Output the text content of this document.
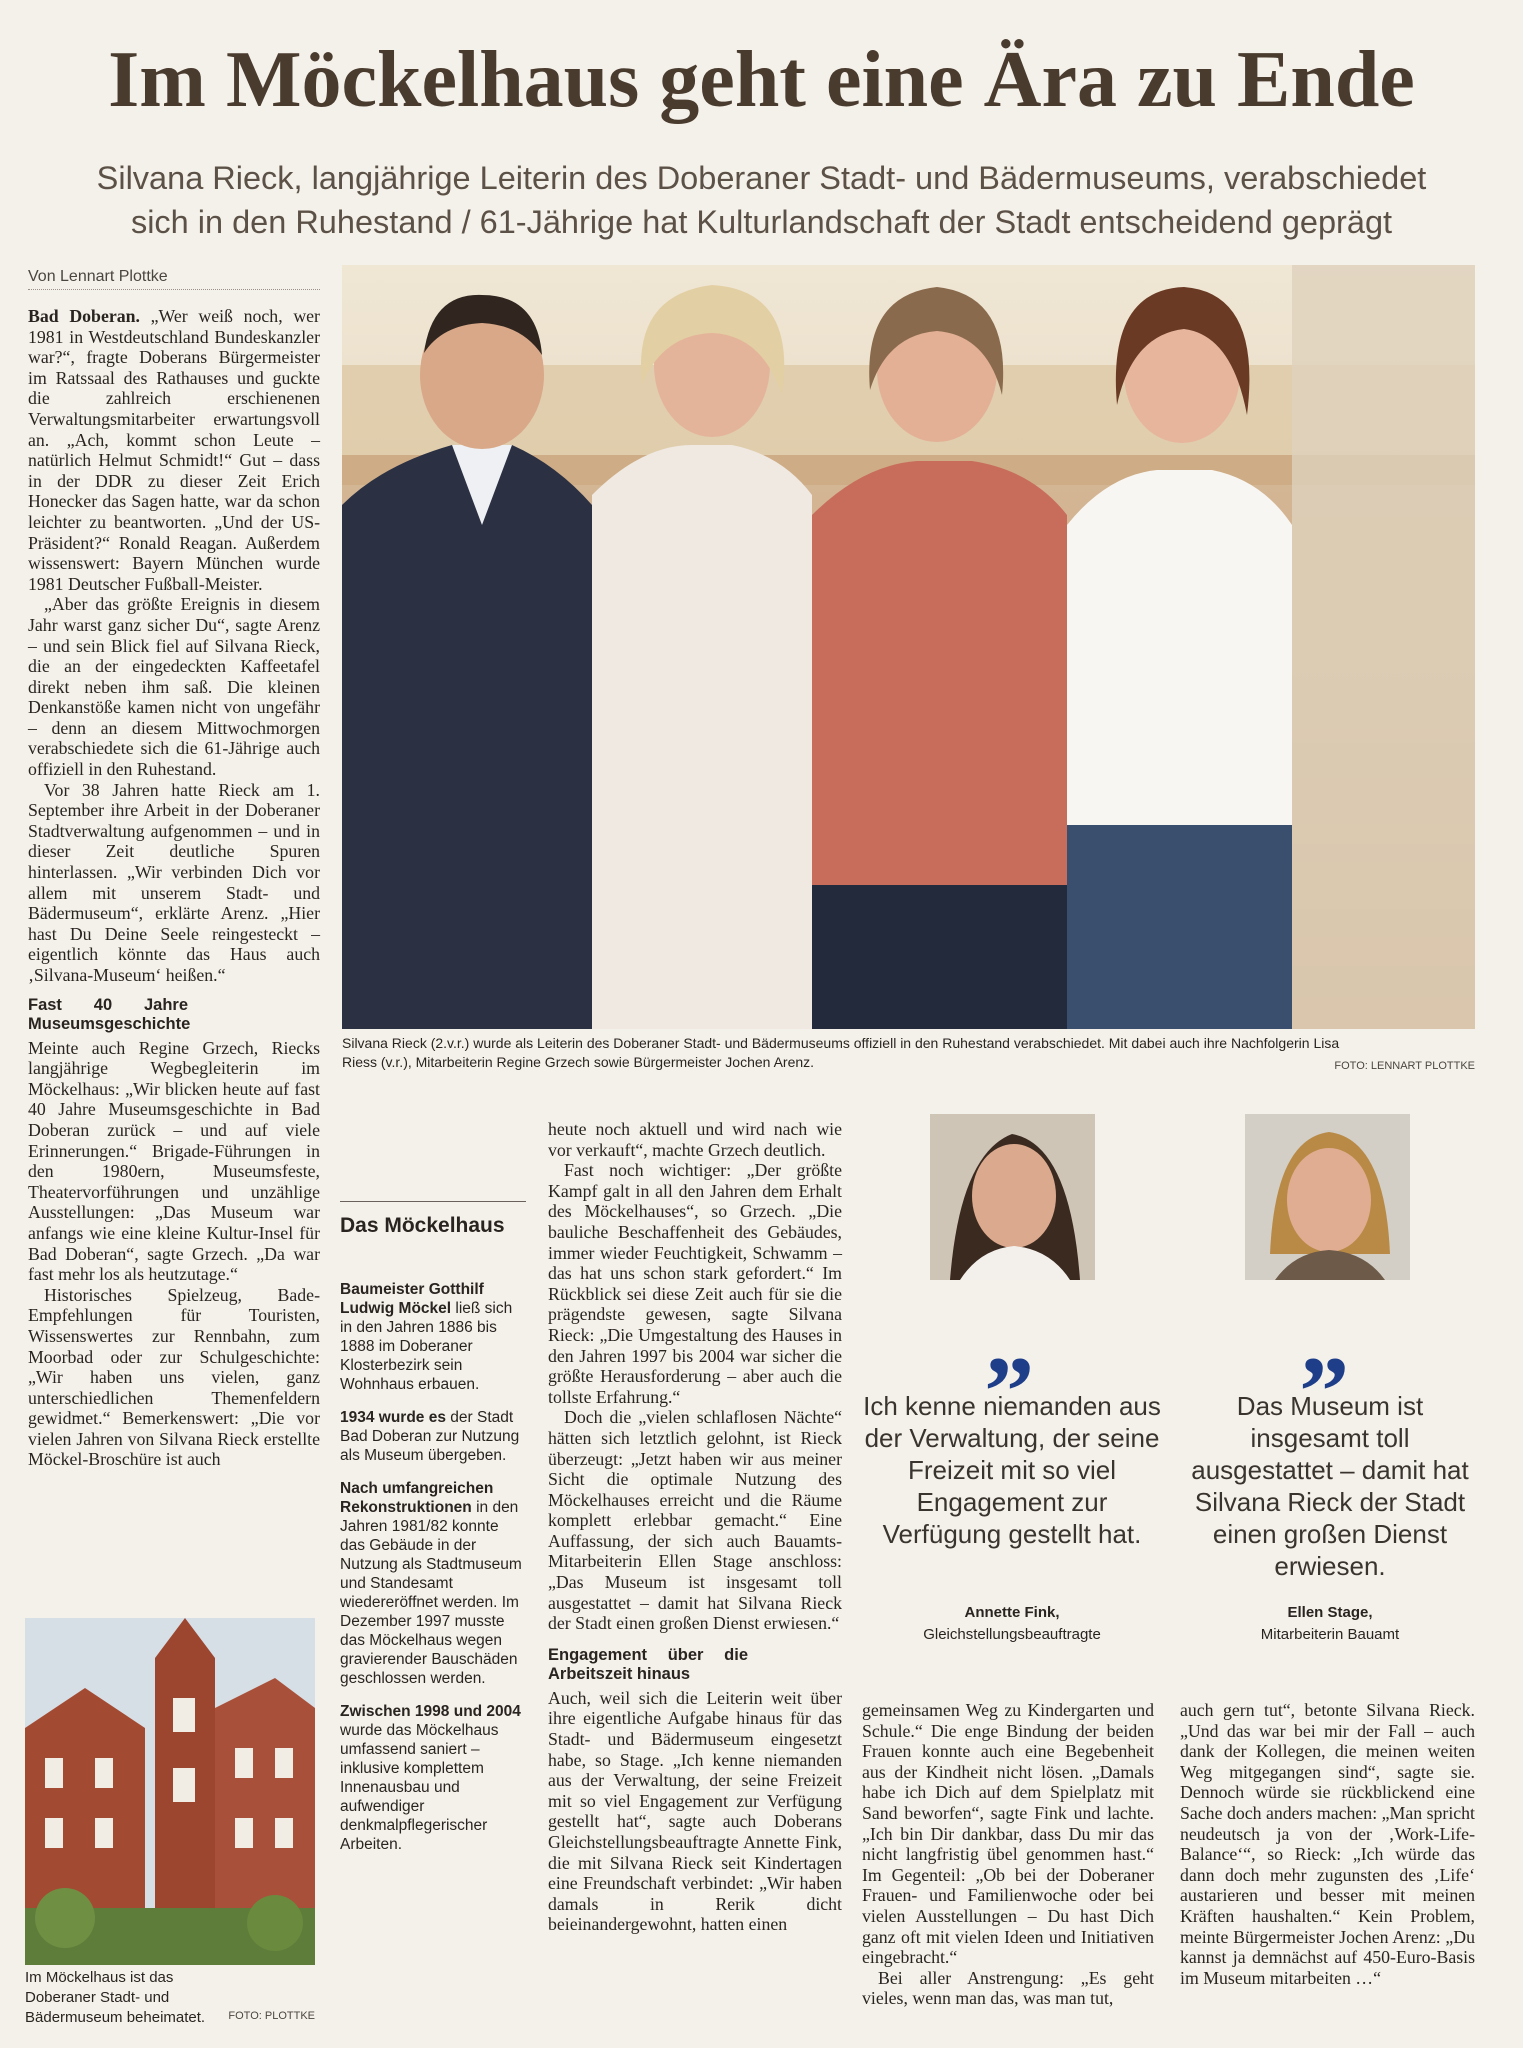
Im Möckelhaus geht eine Ära zu Ende
Silvana Rieck, langjährige Leiterin des Doberaner Stadt- und Bädermuseums, verabschiedet
sich in den Ruhestand / 61-Jährige hat Kulturlandschaft der Stadt entscheidend geprägt
Von Lennart Plottke

Bad Doberan. „Wer weiß noch, wer 1981 in Westdeutschland Bundeskanzler war?“, fragte Doberans Bürgermeister im Ratssaal des Rathauses und guckte die zahlreich erschienenen Verwaltungsmitarbeiter erwartungsvoll an. „Ach, kommt schon Leute – natürlich Helmut Schmidt!“ Gut – dass in der DDR zu dieser Zeit Erich Honecker das Sagen hatte, war da schon leichter zu beantworten. „Und der US-Präsident?“ Ronald Reagan. Außerdem wissenswert: Bayern München wurde 1981 Deutscher Fußball-Meister.

„Aber das größte Ereignis in diesem Jahr warst ganz sicher Du“, sagte Arenz – und sein Blick fiel auf Silvana Rieck, die an der eingedeckten Kaffeetafel direkt neben ihm saß. Die kleinen Denkanstöße kamen nicht von ungefähr – denn an diesem Mittwochmorgen verabschiedete sich die 61-Jährige auch offiziell in den Ruhestand.

Vor 38 Jahren hatte Rieck am 1. September ihre Arbeit in der Doberaner Stadtverwaltung aufgenommen – und in dieser Zeit deutliche Spuren hinterlassen. „Wir verbinden Dich vor allem mit unserem Stadt- und Bädermuseum“, erklärte Arenz. „Hier hast Du Deine Seele reingesteckt – eigentlich könnte das Haus auch ‚Silvana-Museum‘ heißen.“

Fast 40 Jahre Museumsgeschichte

Meinte auch Regine Grzech, Riecks langjährige Wegbegleiterin im Möckelhaus: „Wir blicken heute auf fast 40 Jahre Museumsgeschichte in Bad Doberan zurück – und auf viele Erinnerungen.“ Brigade-Führungen in den 1980ern, Museumsfeste, Theatervorführungen und unzählige Ausstellungen: „Das Museum war anfangs wie eine kleine Kultur-Insel für Bad Doberan“, sagte Grzech. „Da war fast mehr los als heutzutage.“

Historisches Spielzeug, Bade-Empfehlungen für Touristen, Wissenswertes zur Rennbahn, zum Moorbad oder zur Schulgeschichte: „Wir haben uns vielen, ganz unterschiedlichen Themenfeldern gewidmet.“ Bemerkenswert: „Die vor vielen Jahren von Silvana Rieck erstellte Möckel-Broschüre ist auch

Silvana Rieck (2.v.r.) wurde als Leiterin des Doberaner Stadt- und Bädermuseums offiziell in den Ruhestand verabschiedet. Mit dabei auch ihre Nachfolgerin Lisa Riess (v.r.), Mitarbeiterin Regine Grzech sowie Bürgermeister Jochen Arenz.	FOTO: LENNART PLOTTKE
Das Möckelhaus

Baumeister Gotthilf Ludwig Möckel ließ sich in den Jahren 1886 bis 1888 im Doberaner Klosterbezirk sein Wohnhaus erbauen.

1934 wurde es der Stadt Bad Doberan zur Nutzung als Museum übergeben.

Nach umfangreichen Rekonstruktionen in den Jahren 1981/82 konnte das Gebäude in der Nutzung als Stadtmuseum und Standesamt wiedereröffnet werden. Im Dezember 1997 musste das Möckelhaus wegen gravierender Bauschäden geschlossen werden.

Zwischen 1998 und 2004 wurde das Möckelhaus umfassend saniert – inklusive komplettem Innenausbau und aufwendiger denkmalpflegerischer Arbeiten.

heute noch aktuell und wird nach wie vor verkauft“, machte Grzech deutlich.

Fast noch wichtiger: „Der größte Kampf galt in all den Jahren dem Erhalt des Möckelhauses“, so Grzech. „Die bauliche Beschaffenheit des Gebäudes, immer wieder Feuchtigkeit, Schwamm – das hat uns schon stark gefordert.“ Im Rückblick sei diese Zeit auch für sie die prägendste gewesen, sagte Silvana Rieck: „Die Umgestaltung des Hauses in den Jahren 1997 bis 2004 war sicher die größte Herausforderung – aber auch die tollste Erfahrung.“

Doch die „vielen schlaflosen Nächte“ hätten sich letztlich gelohnt, ist Rieck überzeugt: „Jetzt haben wir aus meiner Sicht die optimale Nutzung des Möckelhauses erreicht und die Räume komplett erlebbar gemacht.“ Eine Auffassung, der sich auch Bauamts-Mitarbeiterin Ellen Stage anschloss: „Das Museum ist insgesamt toll ausgestattet – damit hat Silvana Rieck der Stadt einen großen Dienst erwiesen.“

Engagement über die Arbeitszeit hinaus

Auch, weil sich die Leiterin weit über ihre eigentliche Aufgabe hinaus für das Stadt- und Bädermuseum eingesetzt habe, so Stage. „Ich kenne niemanden aus der Verwaltung, der seine Freizeit mit so viel Engagement zur Verfügung gestellt hat“, sagte auch Doberans Gleichstellungsbeauftragte Annette Fink, die mit Silvana Rieck seit Kindertagen eine Freundschaft verbindet: „Wir haben damals in Rerik dicht beieinandergewohnt, hatten einen

„
Ich kenne niemanden aus der Verwaltung, der seine Freizeit mit so viel Engagement zur Verfügung gestellt hat.
Annette Fink,
Gleichstellungsbeauftragte
„
Das Museum ist insgesamt toll ausgestattet – damit hat Silvana Rieck der Stadt einen großen Dienst erwiesen.
Ellen Stage,
Mitarbeiterin Bauamt

gemeinsamen Weg zu Kindergarten und Schule.“ Die enge Bindung der beiden Frauen konnte auch eine Begebenheit aus der Kindheit nicht lösen. „Damals habe ich Dich auf dem Spielplatz mit Sand beworfen“, sagte Fink und lachte. „Ich bin Dir dankbar, dass Du mir das nicht langfristig übel genommen hast.“ Im Gegenteil: „Ob bei der Doberaner Frauen- und Familienwoche oder bei vielen Ausstellungen – Du hast Dich ganz oft mit vielen Ideen und Initiativen eingebracht.“

Bei aller Anstrengung: „Es geht vieles, wenn man das, was man tut,

auch gern tut“, betonte Silvana Rieck. „Und das war bei mir der Fall – auch dank der Kollegen, die meinen weiten Weg mitgegangen sind“, sagte sie. Dennoch würde sie rückblickend eine Sache doch anders machen: „Man spricht neudeutsch ja von der ‚Work-Life-Balance‘“, so Rieck: „Ich würde das dann doch mehr zugunsten des ‚Life‘ austarieren und besser mit meinen Kräften haushalten.“ Kein Problem, meinte Bürgermeister Jochen Arenz: „Du kannst ja demnächst auf 450-Euro-Basis im Museum mitarbeiten …“

Im Möckelhaus ist das Doberaner Stadt- und Bädermuseum beheimatet.	FOTO: PLOTTKE
